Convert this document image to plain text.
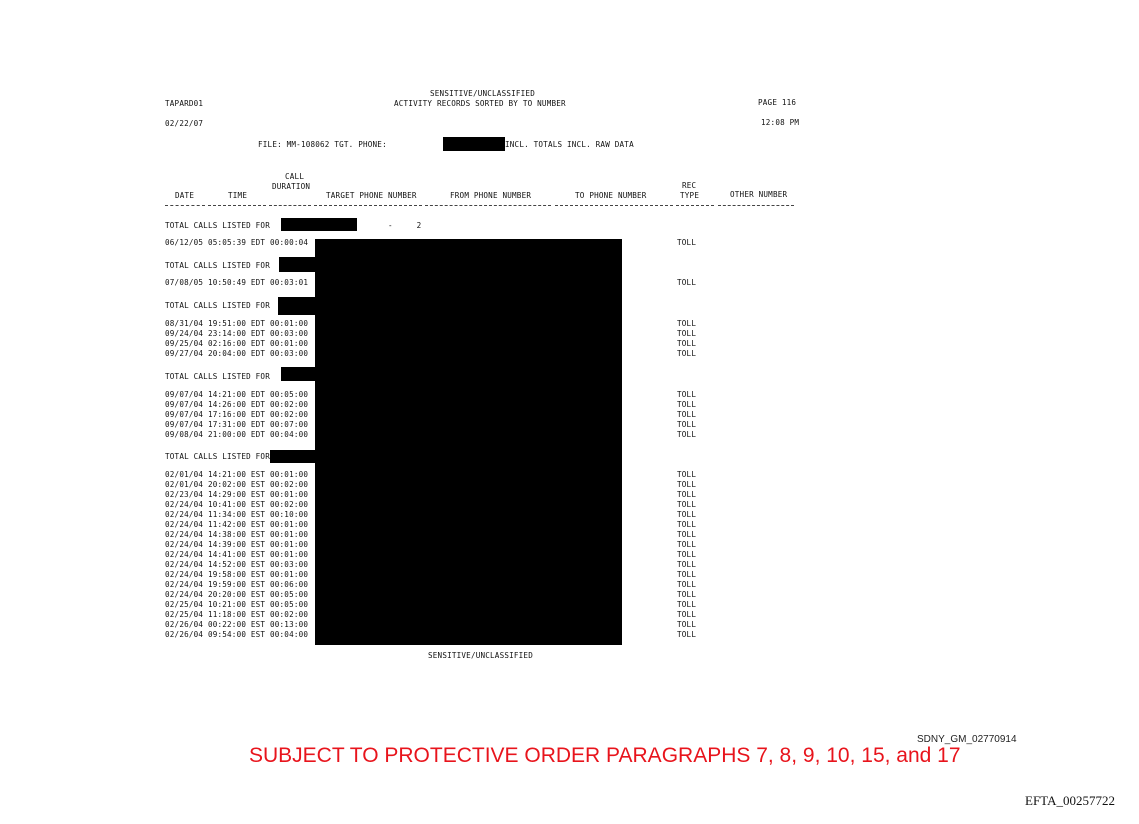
SENSITIVE/UNCLASSIFIED
TAPARD01	ACTIVITY RECORDS SORTED BY TO NUMBER	PAGE 116
02/22/07	12:08 PM
FILE: MM-108062 TGT. PHONE:	INCL. TOTALS INCL. RAW DATA
CALL
DURATION	REC
DATE	TIME	TARGET PHONE NUMBER	FROM PHONE NUMBER	TO PHONE NUMBER	TYPE	OTHER NUMBER
TOTAL CALLS LISTED FOR	-     2
06/12/05 05:05:39 EDT 00:00:04	TOLL
TOTAL CALLS LISTED FOR
07/08/05 10:50:49 EDT 00:03:01	TOLL
TOTAL CALLS LISTED FOR
08/31/04 19:51:00 EDT 00:01:00	TOLL
09/24/04 23:14:00 EDT 00:03:00	TOLL
09/25/04 02:16:00 EDT 00:01:00	TOLL
09/27/04 20:04:00 EDT 00:03:00	TOLL
TOTAL CALLS LISTED FOR
09/07/04 14:21:00 EDT 00:05:00	TOLL
09/07/04 14:26:00 EDT 00:02:00	TOLL
09/07/04 17:16:00 EDT 00:02:00	TOLL
09/07/04 17:31:00 EDT 00:07:00	TOLL
09/08/04 21:00:00 EDT 00:04:00	TOLL
TOTAL CALLS LISTED FOR
02/01/04 14:21:00 EST 00:01:00	TOLL
02/01/04 20:02:00 EST 00:02:00	TOLL
02/23/04 14:29:00 EST 00:01:00	TOLL
02/24/04 10:41:00 EST 00:02:00	TOLL
02/24/04 11:34:00 EST 00:10:00	TOLL
02/24/04 11:42:00 EST 00:01:00	TOLL
02/24/04 14:38:00 EST 00:01:00	TOLL
02/24/04 14:39:00 EST 00:01:00	TOLL
02/24/04 14:41:00 EST 00:01:00	TOLL
02/24/04 14:52:00 EST 00:03:00	TOLL
02/24/04 19:58:00 EST 00:01:00	TOLL
02/24/04 19:59:00 EST 00:06:00	TOLL
02/24/04 20:20:00 EST 00:05:00	TOLL
02/25/04 10:21:00 EST 00:05:00	TOLL
02/25/04 11:18:00 EST 00:02:00	TOLL
02/26/04 00:22:00 EST 00:13:00	TOLL
02/26/04 09:54:00 EST 00:04:00	TOLL
SENSITIVE/UNCLASSIFIED
SDNY_GM_02770914
SUBJECT TO PROTECTIVE ORDER PARAGRAPHS 7, 8, 9, 10, 15, and 17
EFTA_00257722
